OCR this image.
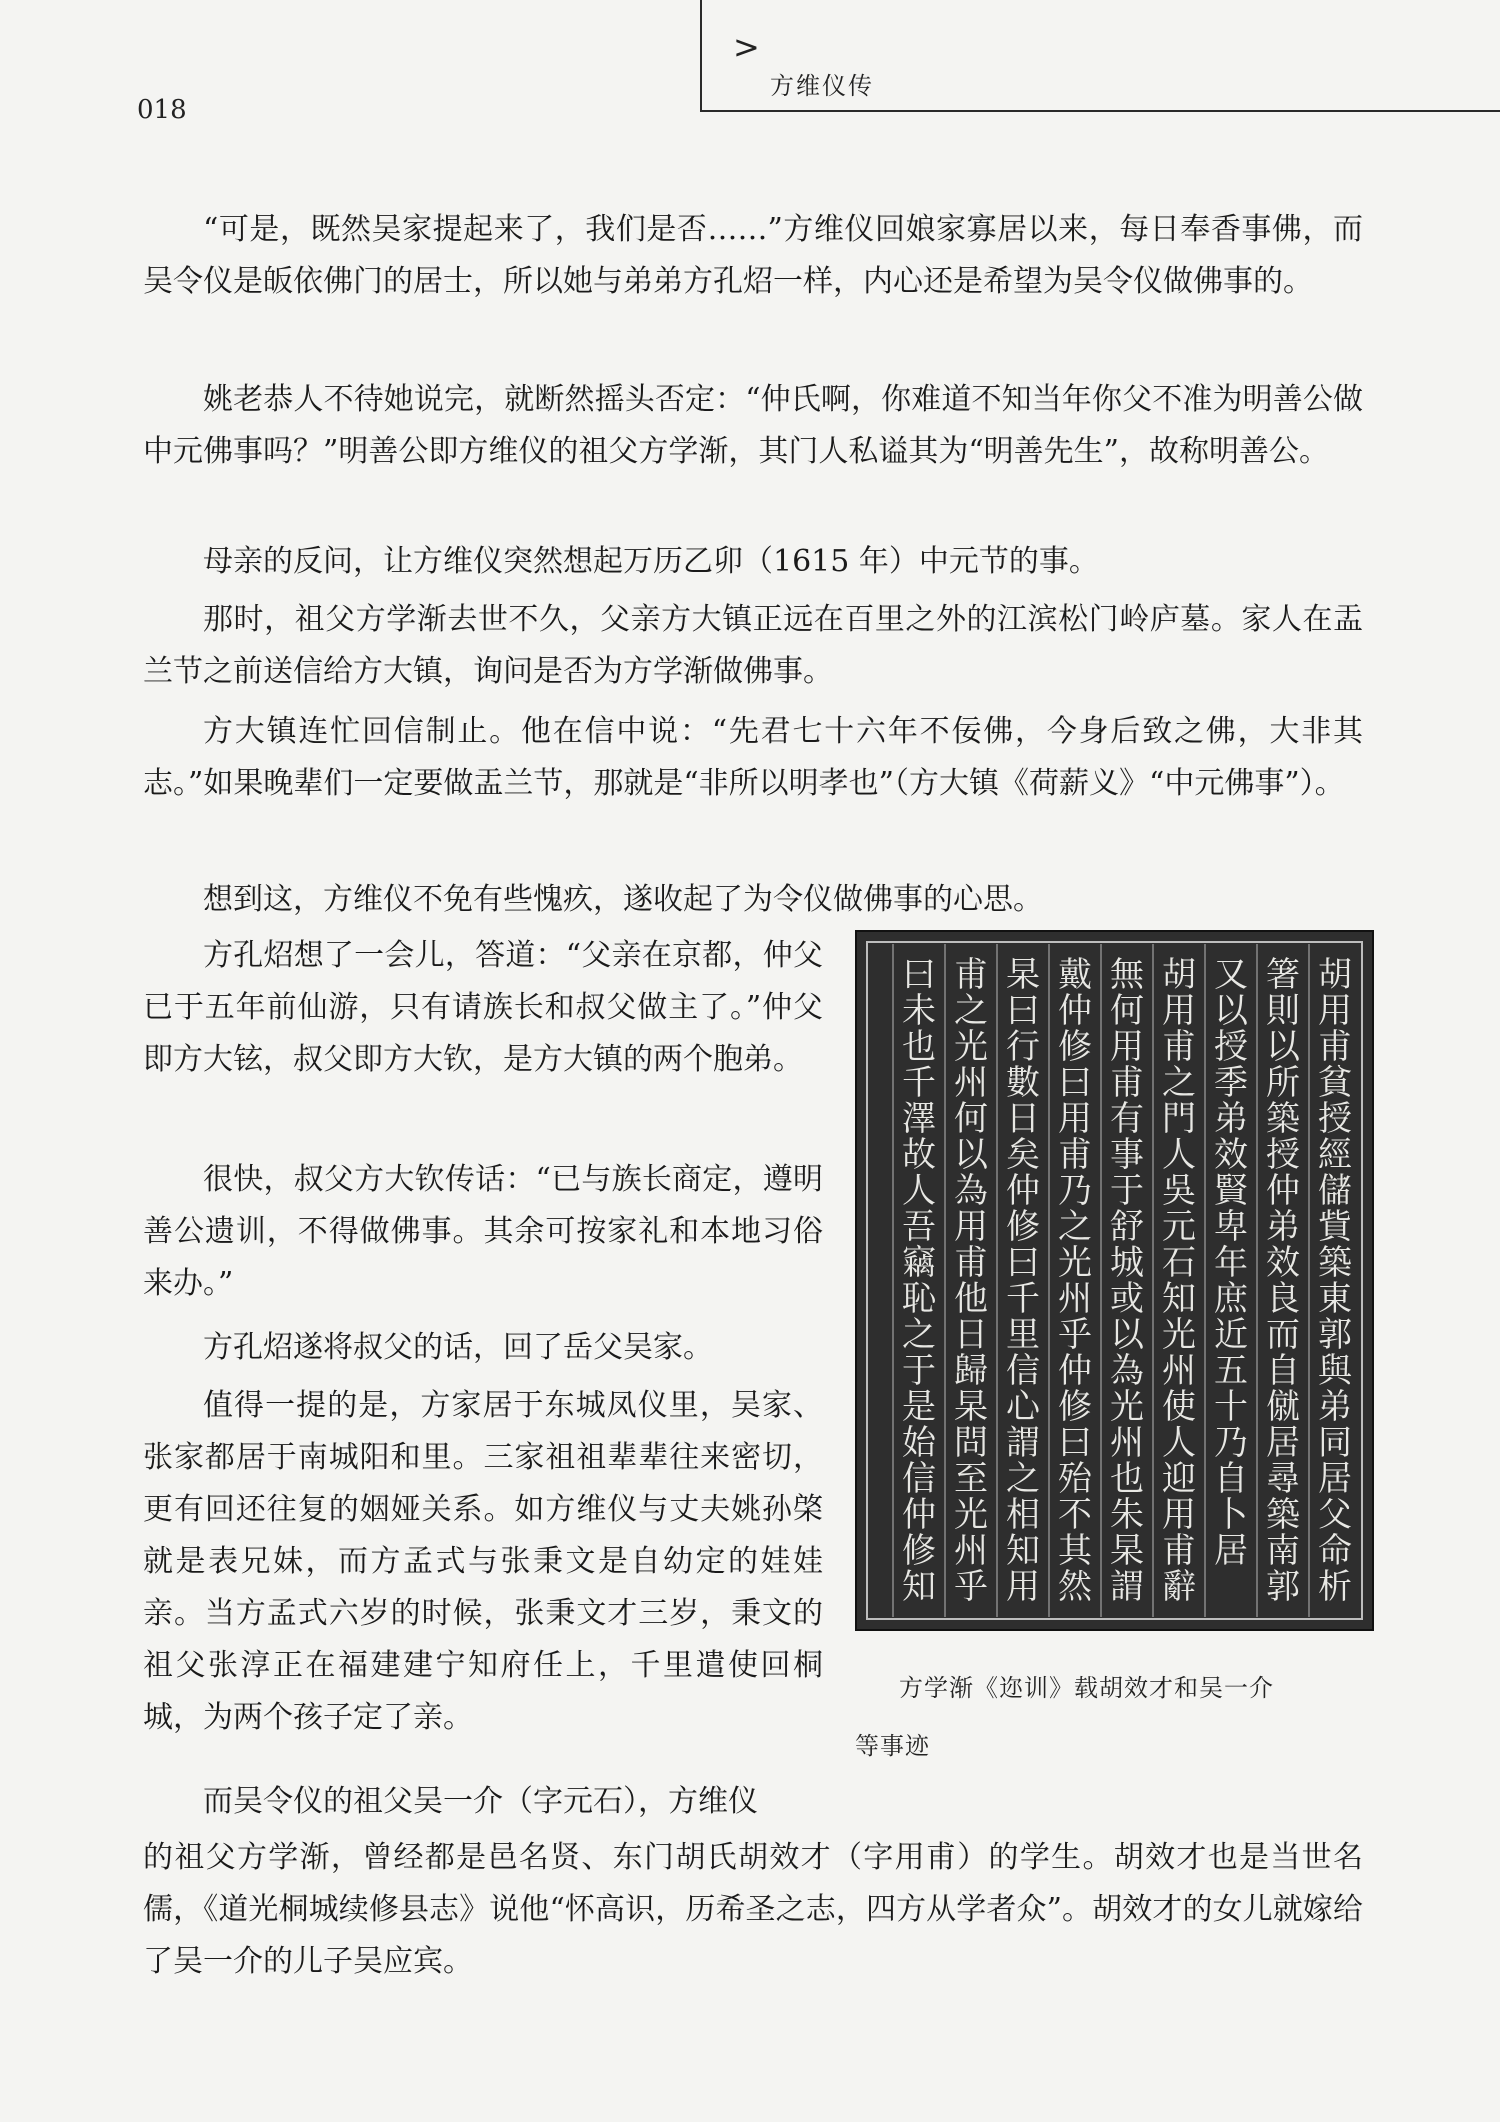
>
方维仪传
018

“可是，既然吴家提起来了，我们是否……”方维仪回娘家寡居以来，每日奉香事佛，而吴令仪是皈依佛门的居士，所以她与弟弟方孔炤一样，内心还是希望为吴令仪做佛事的。

姚老恭人不待她说完，就断然摇头否定：“仲氏啊，你难道不知当年你父不准为明善公做中元佛事吗？”明善公即方维仪的祖父方学渐，其门人私谥其为“明善先生”，故称明善公。

母亲的反问，让方维仪突然想起万历乙卯（1615 年）中元节的事。

那时，祖父方学渐去世不久，父亲方大镇正远在百里之外的江滨松门岭庐墓。家人在盂兰节之前送信给方大镇，询问是否为方学渐做佛事。

方大镇连忙回信制止。他在信中说：“先君七十六年不佞佛，今身后致之佛，大非其志。”如果晚辈们一定要做盂兰节，那就是“非所以明孝也”（方大镇《荷薪义》“中元佛事”）。

想到这，方维仪不免有些愧疚，遂收起了为令仪做佛事的心思。

方孔炤想了一会儿，答道：“父亲在京都，仲父已于五年前仙游，只有请族长和叔父做主了。”仲父即方大铉，叔父即方大钦，是方大镇的两个胞弟。

很快，叔父方大钦传话：“已与族长商定，遵明善公遗训，不得做佛事。其余可按家礼和本地习俗来办。”

方孔炤遂将叔父的话，回了岳父吴家。

值得一提的是，方家居于东城凤仪里，吴家、张家都居于南城阳和里。三家祖祖辈辈往来密切，更有回还往复的姻娅关系。如方维仪与丈夫姚孙棨就是表兄妹，而方孟式与张秉文是自幼定的娃娃亲。当方孟式六岁的时候，张秉文才三岁，秉文的祖父张淳正在福建建宁知府任上，千里遣使回桐城，为两个孩子定了亲。

而吴令仪的祖父吴一介（字元石），方维仪

的祖父方学渐，曾经都是邑名贤、东门胡氏胡效才（字用甫）的学生。胡效才也是当世名儒，《道光桐城续修县志》说他“怀高识，历希圣之志，四方从学者众”。胡效才的女儿就嫁给了吴一介的儿子吴应宾。

胡用甫貧授經儲貲築東郭與弟同居父命析
箸則以所築授仲弟效良而自僦居尋築南郭
又以授季弟效賢卑年庶近五十乃自卜居
胡用甫之門人吳元石知光州使人迎用甫辭
無何用甫有事于舒城或以為光州也朱杲謂
戴仲修曰用甫乃之光州乎仲修曰殆不其然
杲曰行數日矣仲修曰千里信心謂之相知用
甫之光州何以為用甫他日歸杲問至光州乎
曰未也千澤故人吾竊恥之于是始信仲修知
方学渐《迩训》载胡效才和吴一介
等事迹
